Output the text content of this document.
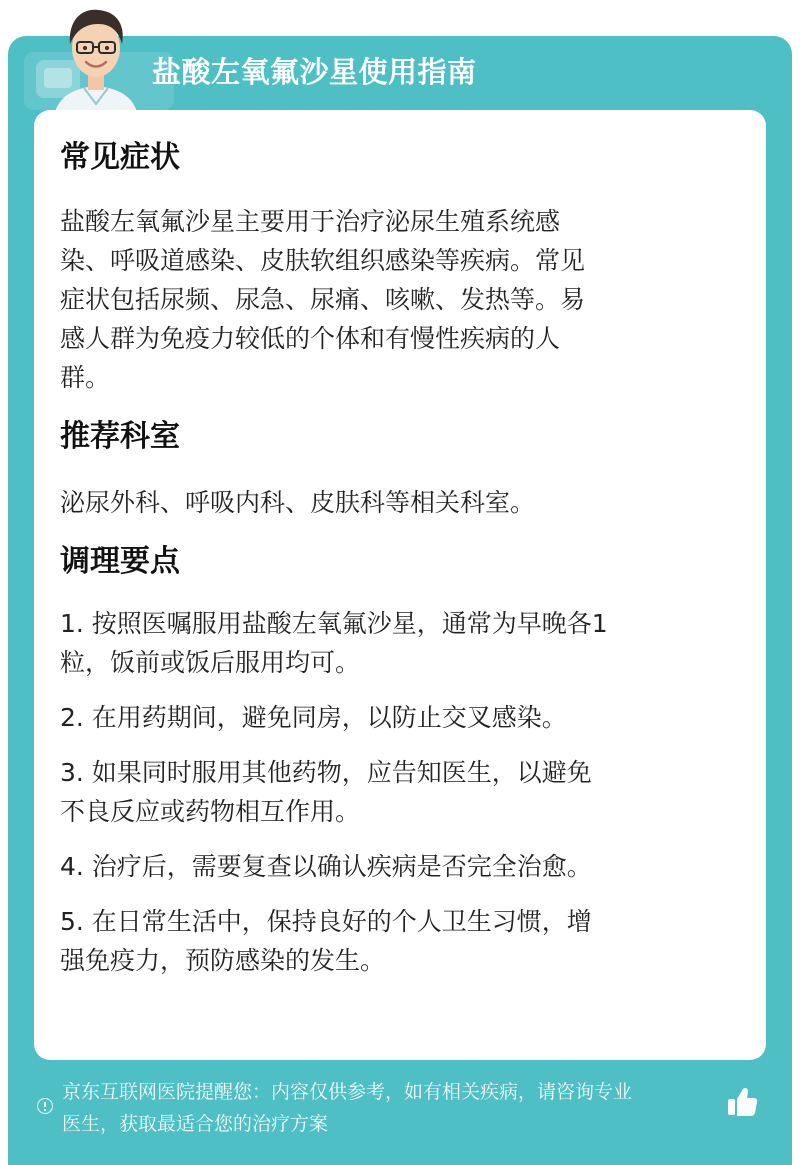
盐酸左氧氟沙星使用指南
常见症状

盐酸左氧氟沙星主要用于治疗泌尿生殖系统感

染、呼吸道感染、皮肤软组织感染等疾病。常见

症状包括尿频、尿急、尿痛、咳嗽、发热等。易

感人群为免疫力较低的个体和有慢性疾病的人

群。

推荐科室

泌尿外科、呼吸内科、皮肤科等相关科室。

调理要点

1. 按照医嘱服用盐酸左氧氟沙星，通常为早晚各1

粒，饭前或饭后服用均可。

2. 在用药期间，避免同房，以防止交叉感染。

3. 如果同时服用其他药物，应告知医生，以避免

不良反应或药物相互作用。

4. 治疗后，需要复查以确认疾病是否完全治愈。

5. 在日常生活中，保持良好的个人卫生习惯，增

强免疫力，预防感染的发生。

京东互联网医院提醒您：内容仅供参考，如有相关疾病，请咨询专业
医生，获取最适合您的治疗方案
